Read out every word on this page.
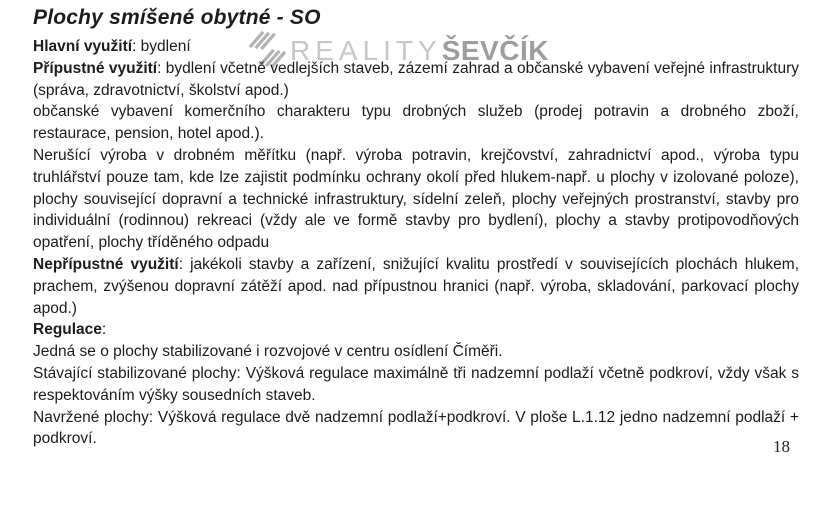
REALITY ŠEVČÍK
Plochy smíšené obytné - SO

Hlavní využití: bydlení

Přípustné využití: bydlení včetně vedlejších staveb, zázemí zahrad a občanské vybavení veřejné infrastruktury (správa, zdravotnictví, školství apod.)

občanské vybavení komerčního charakteru typu drobných služeb (prodej potravin a drobného zboží, restaurace, pension, hotel apod.).

Nerušící výroba v drobném měřítku (např. výroba potravin, krejčovství, zahradnictví apod., výroba typu truhlářství pouze tam, kde lze zajistit podmínku ochrany okolí před hlukem-např. u plochy v izolované poloze), plochy související dopravní a technické infrastruktury, sídelní zeleň, plochy veřejných prostranství, stavby pro individuální (rodinnou) rekreaci (vždy ale ve formě stavby pro bydlení), plochy a stavby protipovodňových opatření, plochy tříděného odpadu

Nepřípustné využití: jakékoli stavby a zařízení, snižující kvalitu prostředí v souvisejících plochách hlukem, prachem, zvýšenou dopravní zátěží apod. nad přípustnou hranici (např. výroba, skladování, parkovací plochy apod.)

Regulace:

Jedná se o plochy stabilizované i rozvojové v centru osídlení Číměři.

Stávající stabilizované plochy: Výšková regulace maximálně tři nadzemní podlaží včetně podkroví, vždy však s respektováním výšky sousedních staveb.

Navržené plochy: Výšková regulace dvě nadzemní podlaží+podkroví. V ploše L.1.12 jedno nadzemní podlaží + podkroví.	18
